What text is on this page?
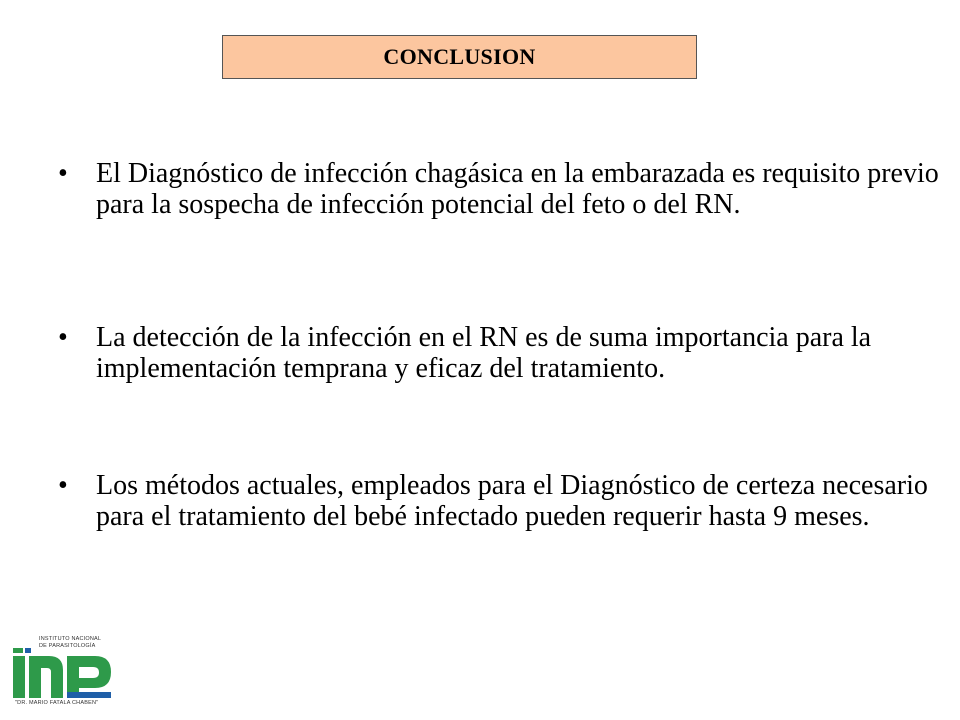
CONCLUSION
• El Diagnóstico de infección chagásica en la embarazada es requisito previo para la sospecha de infección potencial del feto o del RN.
• La detección de la infección en el RN es de suma importancia para la implementación temprana y eficaz del tratamiento.
• Los métodos actuales, empleados para el Diagnóstico de certeza necesario para el tratamiento del bebé infectado pueden requerir hasta 9 meses.
INSTITUTO NACIONAL
DE PARASITOLOGÍA
"DR. MARIO FATALA CHABEN"
